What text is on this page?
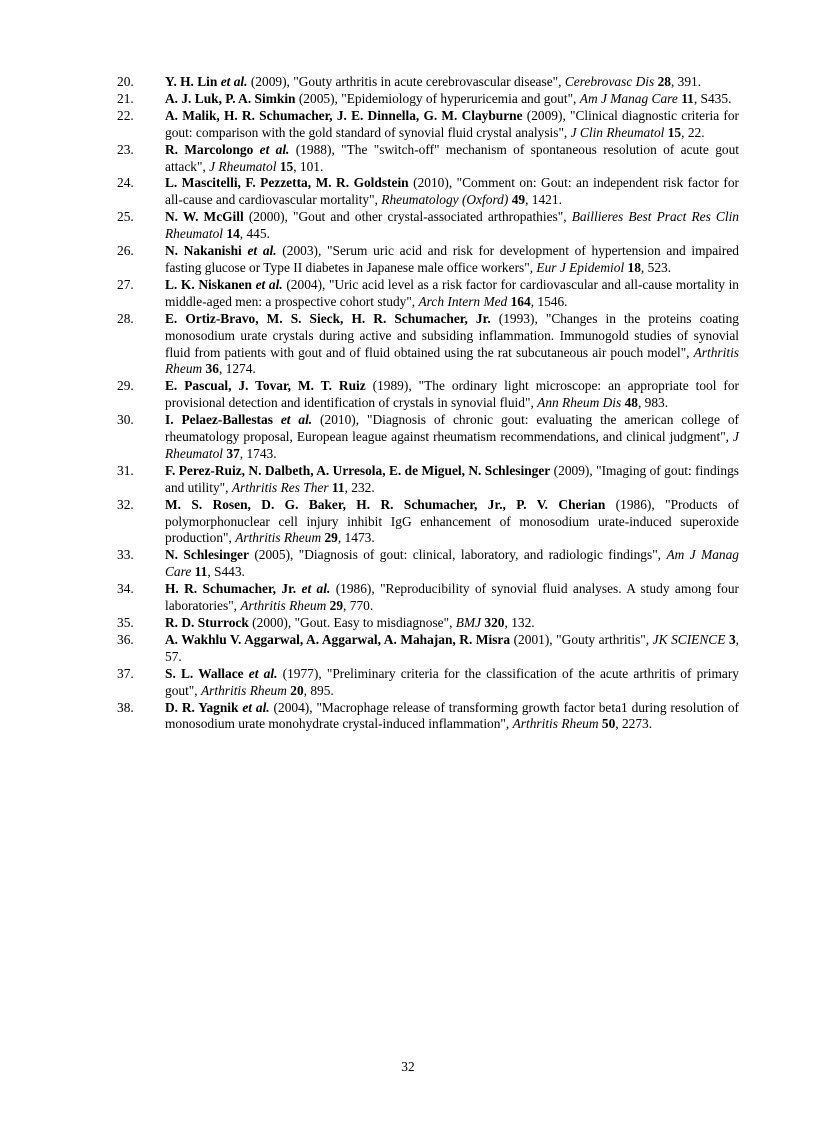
20. Y. H. Lin et al. (2009), "Gouty arthritis in acute cerebrovascular disease", Cerebrovasc Dis 28, 391.
21. A. J. Luk, P. A. Simkin (2005), "Epidemiology of hyperuricemia and gout", Am J Manag Care 11, S435.
22. A. Malik, H. R. Schumacher, J. E. Dinnella, G. M. Clayburne (2009), "Clinical diagnostic criteria for gout: comparison with the gold standard of synovial fluid crystal analysis", J Clin Rheumatol 15, 22.
23. R. Marcolongo et al. (1988), "The "switch-off" mechanism of spontaneous resolution of acute gout attack", J Rheumatol 15, 101.
24. L. Mascitelli, F. Pezzetta, M. R. Goldstein (2010), "Comment on: Gout: an independent risk factor for all-cause and cardiovascular mortality", Rheumatology (Oxford) 49, 1421.
25. N. W. McGill (2000), "Gout and other crystal-associated arthropathies", Baillieres Best Pract Res Clin Rheumatol 14, 445.
26. N. Nakanishi et al. (2003), "Serum uric acid and risk for development of hypertension and impaired fasting glucose or Type II diabetes in Japanese male office workers", Eur J Epidemiol 18, 523.
27. L. K. Niskanen et al. (2004), "Uric acid level as a risk factor for cardiovascular and all-cause mortality in middle-aged men: a prospective cohort study", Arch Intern Med 164, 1546.
28. E. Ortiz-Bravo, M. S. Sieck, H. R. Schumacher, Jr. (1993), "Changes in the proteins coating monosodium urate crystals during active and subsiding inflammation. Immunogold studies of synovial fluid from patients with gout and of fluid obtained using the rat subcutaneous air pouch model", Arthritis Rheum 36, 1274.
29. E. Pascual, J. Tovar, M. T. Ruiz (1989), "The ordinary light microscope: an appropriate tool for provisional detection and identification of crystals in synovial fluid", Ann Rheum Dis 48, 983.
30. I. Pelaez-Ballestas et al. (2010), "Diagnosis of chronic gout: evaluating the american college of rheumatology proposal, European league against rheumatism recommendations, and clinical judgment", J Rheumatol 37, 1743.
31. F. Perez-Ruiz, N. Dalbeth, A. Urresola, E. de Miguel, N. Schlesinger (2009), "Imaging of gout: findings and utility", Arthritis Res Ther 11, 232.
32. M. S. Rosen, D. G. Baker, H. R. Schumacher, Jr., P. V. Cherian (1986), "Products of polymorphonuclear cell injury inhibit IgG enhancement of monosodium urate-induced superoxide production", Arthritis Rheum 29, 1473.
33. N. Schlesinger (2005), "Diagnosis of gout: clinical, laboratory, and radiologic findings", Am J Manag Care 11, S443.
34. H. R. Schumacher, Jr. et al. (1986), "Reproducibility of synovial fluid analyses. A study among four laboratories", Arthritis Rheum 29, 770.
35. R. D. Sturrock (2000), "Gout. Easy to misdiagnose", BMJ 320, 132.
36. A. Wakhlu V. Aggarwal, A. Aggarwal, A. Mahajan, R. Misra (2001), "Gouty arthritis", JK SCIENCE 3, 57.
37. S. L. Wallace et al. (1977), "Preliminary criteria for the classification of the acute arthritis of primary gout", Arthritis Rheum 20, 895.
38. D. R. Yagnik et al. (2004), "Macrophage release of transforming growth factor beta1 during resolution of monosodium urate monohydrate crystal-induced inflammation", Arthritis Rheum 50, 2273.
32
